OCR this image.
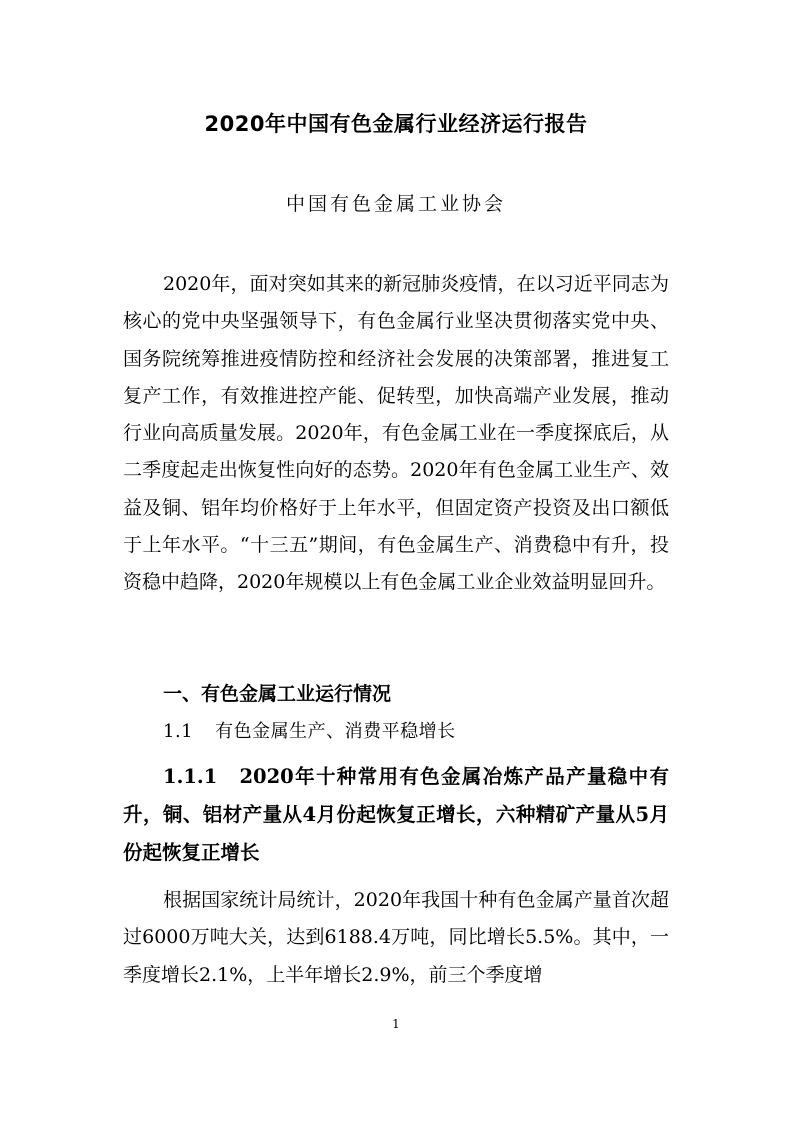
2020年中国有色金属行业经济运行报告
中国有色金属工业协会
2020年，面对突如其来的新冠肺炎疫情，在以习近平同志为核心的党中央坚强领导下，有色金属行业坚决贯彻落实党中央、国务院统筹推进疫情防控和经济社会发展的决策部署，推进复工复产工作，有效推进控产能、促转型，加快高端产业发展，推动行业向高质量发展。2020年，有色金属工业在一季度探底后，从二季度起走出恢复性向好的态势。2020年有色金属工业生产、效益及铜、铝年均价格好于上年水平，但固定资产投资及出口额低于上年水平。“十三五”期间，有色金属生产、消费稳中有升，投资稳中趋降，2020年规模以上有色金属工业企业效益明显回升。
一、有色金属工业运行情况
1.1 有色金属生产、消费平稳增长
1.1.1　2020年十种常用有色金属冶炼产品产量稳中有升，铜、铝材产量从4月份起恢复正增长，六种精矿产量从5月份起恢复正增长
根据国家统计局统计，2020年我国十种有色金属产量首次超过6000万吨大关，达到6188.4万吨，同比增长5.5%。其中，一季度增长2.1%，上半年增长2.9%，前三个季度增
1
